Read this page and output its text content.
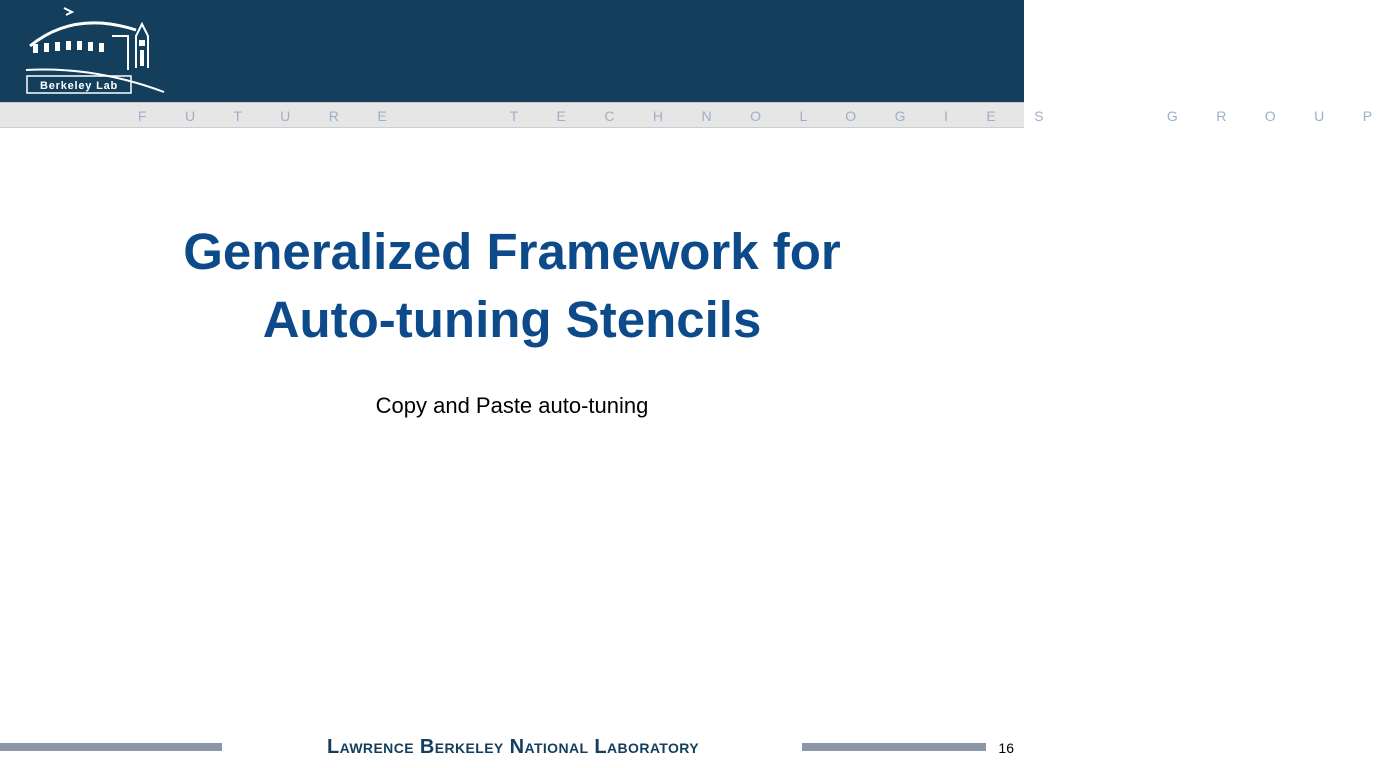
Berkeley Lab
F U T U R E     T E C H N O L O G I E S     G R O U P
Generalized Framework for
Auto-tuning Stencils
Copy and Paste auto-tuning
Lawrence Berkeley National Laboratory	16
